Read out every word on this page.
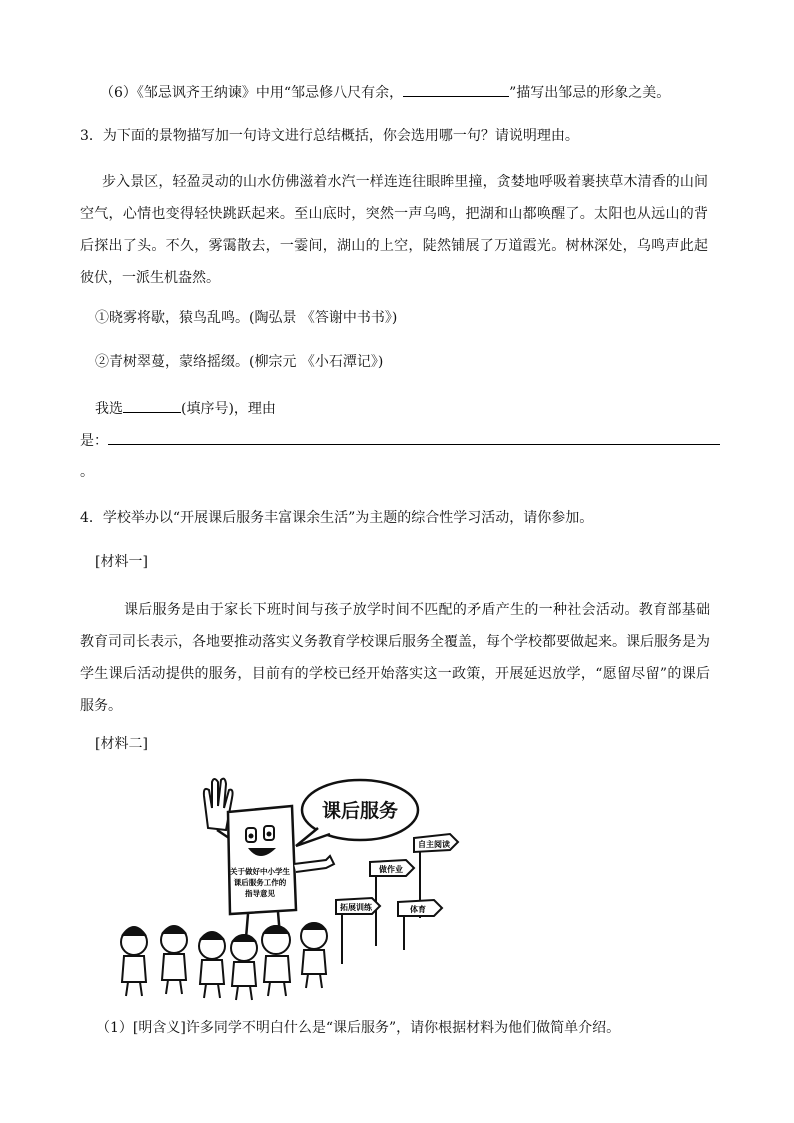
（6）《邹忌讽齐王纳谏》中用“邹忌修八尺有余，	”描写出邹忌的形象之美。
3．为下面的景物描写加一句诗文进行总结概括，你会选用哪一句？请说明理由。
步入景区，轻盈灵动的山水仿佛滋着水汽一样连连往眼眸里撞，贪婪地呼吸着裹挟草木清香的山间空气，心情也变得轻快跳跃起来。至山底时，突然一声乌鸣，把湖和山都唤醒了。太阳也从远山的背后探出了头。不久，雾霭散去，一霎间，湖山的上空，陡然铺展了万道霞光。树林深处，乌鸣声此起彼伏，一派生机盎然。
①晓雾将歇，猿鸟乱鸣。(陶弘景 《答谢中书书》)
②青树翠蔓，蒙络摇缀。(柳宗元 《小石潭记》)
我选	(填序号)，理由
是：
。
4．学校举办以“开展课后服务丰富课余生活”为主题的综合性学习活动，请你参加。
[材料一]
课后服务是由于家长下班时间与孩子放学时间不匹配的矛盾产生的一种社会活动。教育部基础教育司司长表示，各地要推动落实义务教育学校课后服务全覆盖，每个学校都要做起来。课后服务是为学生课后活动提供的服务，目前有的学校已经开始落实这一政策，开展延迟放学，“愿留尽留”的课后服务。
[材料二]
课后服务
关于做好中小学生
课后服务工作的
指导意见
自主阅读
做作业
拓展训练	体育
（1）[明含义]许多同学不明白什么是“课后服务”，请你根据材料为他们做简单介绍。
